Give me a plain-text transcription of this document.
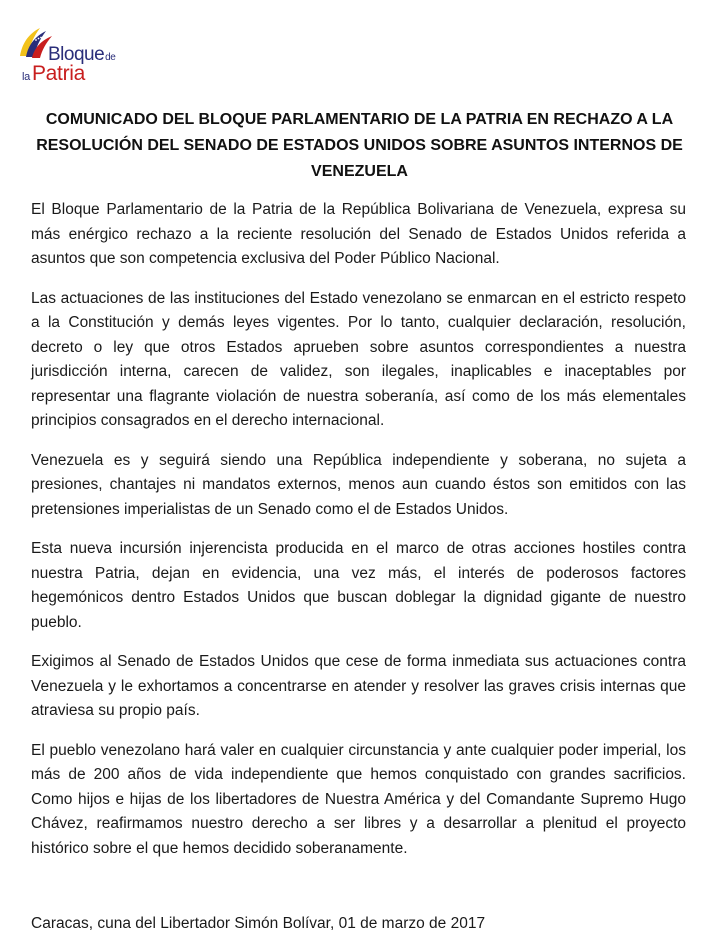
Bloquede
laPatria
COMUNICADO DEL BLOQUE PARLAMENTARIO DE LA PATRIA EN RECHAZO A LA RESOLUCIÓN DEL SENADO DE ESTADOS UNIDOS SOBRE ASUNTOS INTERNOS DE VENEZUELA

El Bloque Parlamentario de la Patria de la República Bolivariana de Venezuela, expresa su más enérgico rechazo a la reciente resolución del Senado de Estados Unidos referida a asuntos que son competencia exclusiva del Poder Público Nacional.

Las actuaciones de las instituciones del Estado venezolano se enmarcan en el estricto respeto a la Constitución y demás leyes vigentes. Por lo tanto, cualquier declaración, resolución, decreto o ley que otros Estados aprueben sobre asuntos correspondientes a nuestra jurisdicción interna, carecen de validez, son ilegales, inaplicables e inaceptables por representar una flagrante violación de nuestra soberanía, así como de los más elementales principios consagrados en el derecho internacional.

Venezuela es y seguirá siendo una República independiente y soberana, no sujeta a presiones, chantajes ni mandatos externos, menos aun cuando éstos son emitidos con las pretensiones imperialistas de un Senado como el de Estados Unidos.

Esta nueva incursión injerencista producida en el marco de otras acciones hostiles contra nuestra Patria, dejan en evidencia, una vez más, el interés de poderosos factores hegemónicos dentro Estados Unidos que buscan doblegar la dignidad gigante de nuestro pueblo.

Exigimos al Senado de Estados Unidos que cese de forma inmediata sus actuaciones contra Venezuela y le exhortamos a concentrarse en atender y resolver las graves crisis internas que atraviesa su propio país.

El pueblo venezolano hará valer en cualquier circunstancia y ante cualquier poder imperial, los más de 200 años de vida independiente que hemos conquistado con grandes sacrificios. Como hijos e hijas de los libertadores de Nuestra América y del Comandante Supremo Hugo Chávez, reafirmamos nuestro derecho a ser libres y a desarrollar a plenitud el proyecto histórico sobre el que hemos decidido soberanamente.

Caracas, cuna del Libertador Simón Bolívar, 01 de marzo de 2017
